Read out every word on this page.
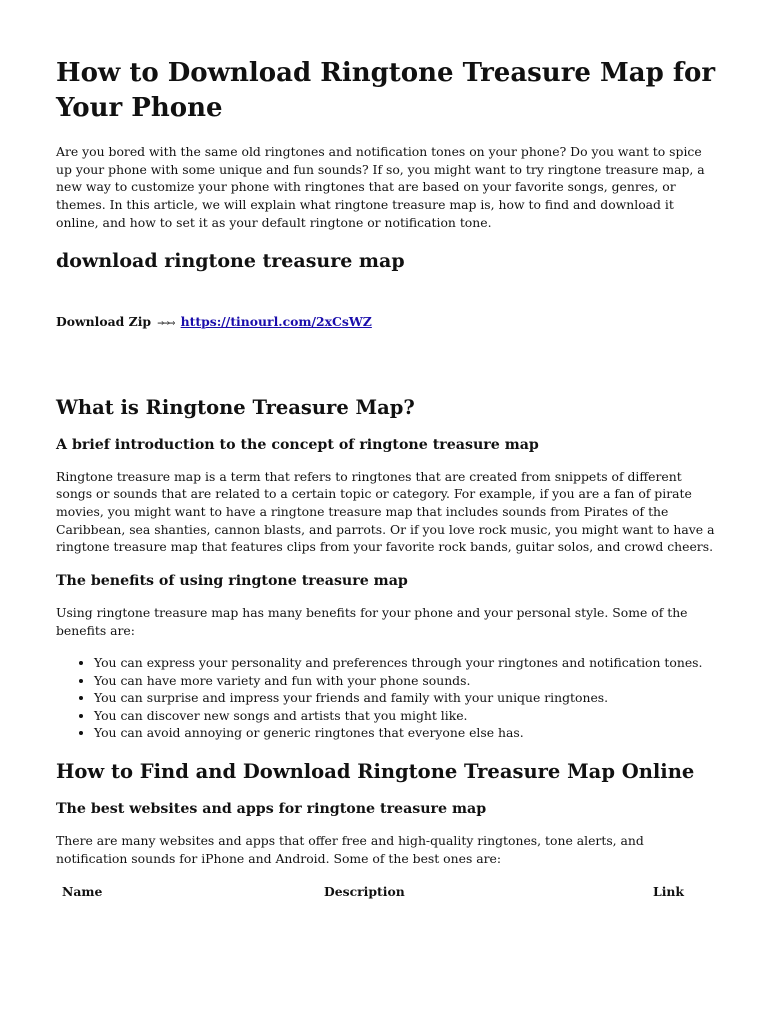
How to Download Ringtone Treasure Map for Your Phone

Are you bored with the same old ringtones and notification tones on your phone? Do you want to spice up your phone with some unique and fun sounds? If so, you might want to try ringtone treasure map, a new way to customize your phone with ringtones that are based on your favorite songs, genres, or themes. In this article, we will explain what ringtone treasure map is, how to find and download it online, and how to set it as your default ringtone or notification tone.

download ringtone treasure map
Download Zip ⇒⇒⇒ https://tinourl.com/2xCsWZ
What is Ringtone Treasure Map?
A brief introduction to the concept of ringtone treasure map

Ringtone treasure map is a term that refers to ringtones that are created from snippets of different songs or sounds that are related to a certain topic or category. For example, if you are a fan of pirate movies, you might want to have a ringtone treasure map that includes sounds from Pirates of the Caribbean, sea shanties, cannon blasts, and parrots. Or if you love rock music, you might want to have a ringtone treasure map that features clips from your favorite rock bands, guitar solos, and crowd cheers.

The benefits of using ringtone treasure map

Using ringtone treasure map has many benefits for your phone and your personal style. Some of the benefits are:

• You can express your personality and preferences through your ringtones and notification tones.
• You can have more variety and fun with your phone sounds.
• You can surprise and impress your friends and family with your unique ringtones.
• You can discover new songs and artists that you might like.
• You can avoid annoying or generic ringtones that everyone else has.
How to Find and Download Ringtone Treasure Map Online
The best websites and apps for ringtone treasure map

There are many websites and apps that offer free and high-quality ringtones, tone alerts, and notification sounds for iPhone and Android. Some of the best ones are:

Name	Description	Link
